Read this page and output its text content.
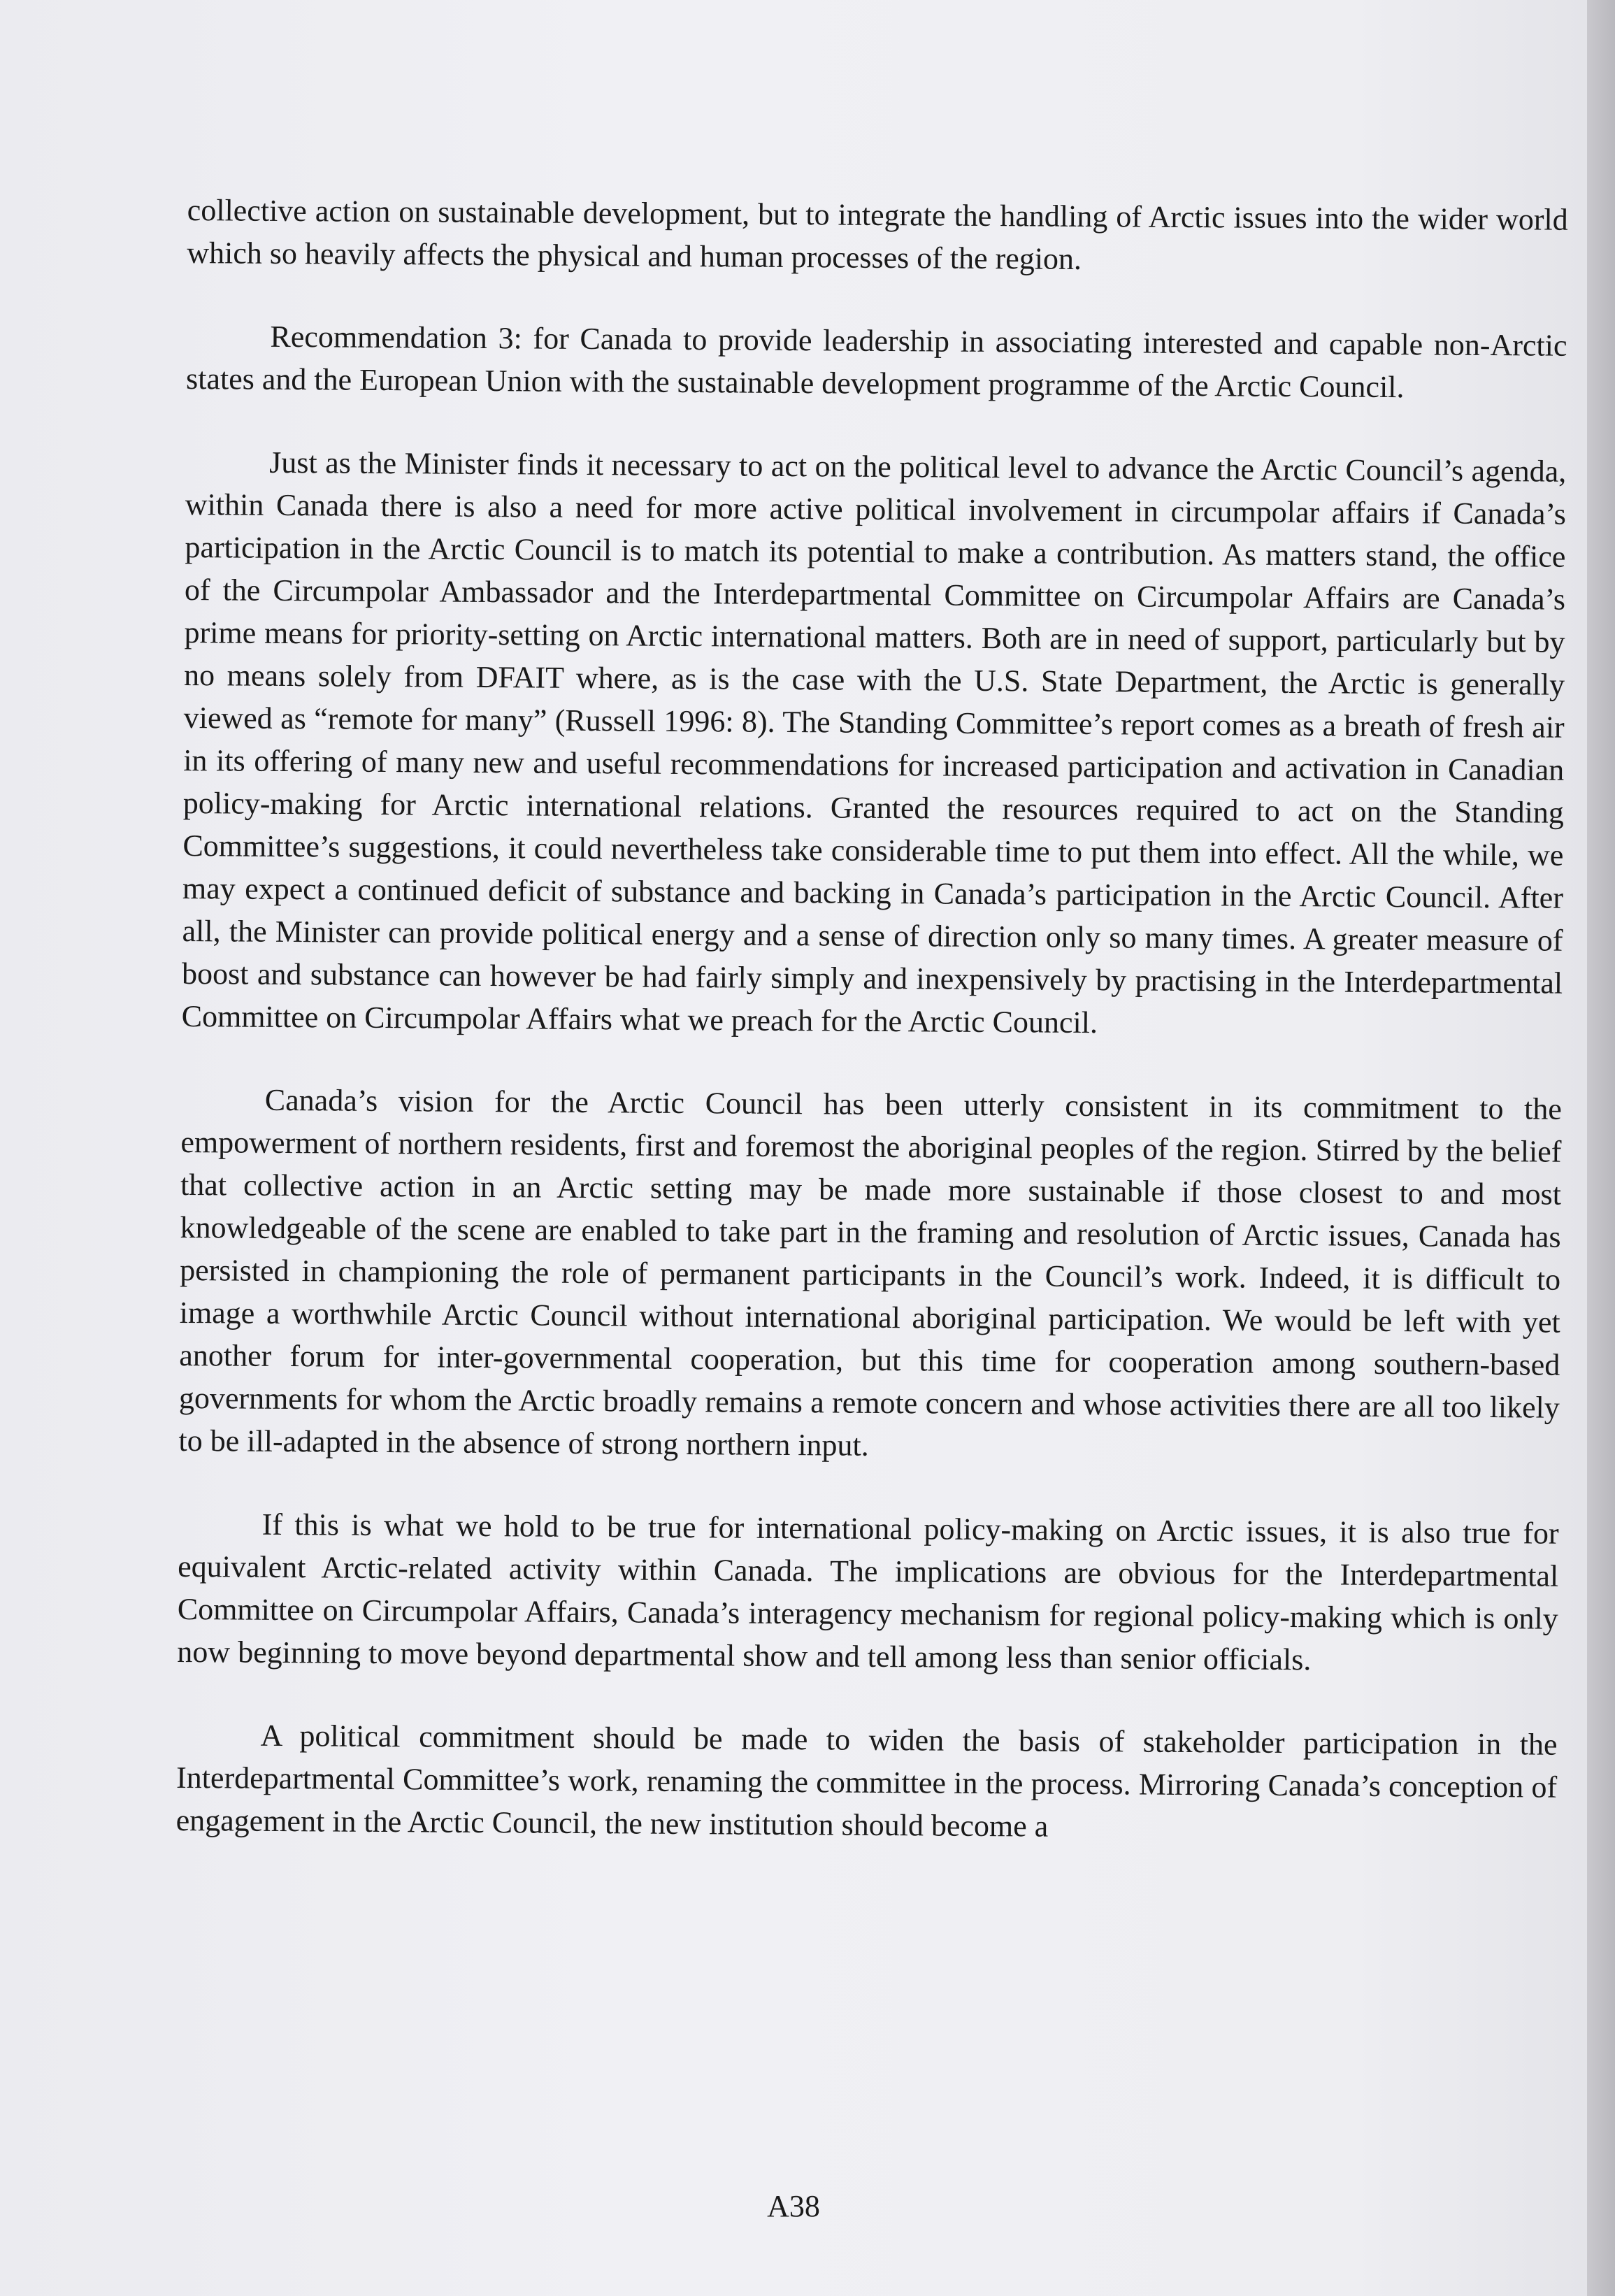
collective action on sustainable development, but to integrate the handling of Arctic issues into the wider world which so heavily affects the physical and human processes of the region.

Recommendation 3: for Canada to provide leadership in associating interested and capable non-Arctic states and the European Union with the sustainable development programme of the Arctic Council.

Just as the Minister finds it necessary to act on the political level to advance the Arctic Council’s agenda, within Canada there is also a need for more active political involvement in circumpolar affairs if Canada’s participation in the Arctic Council is to match its potential to make a contribution. As matters stand, the office of the Circumpolar Ambassador and the Interdepartmental Committee on Circumpolar Affairs are Canada’s prime means for priority-setting on Arctic international matters. Both are in need of support, particularly but by no means solely from DFAIT where, as is the case with the U.S. State Department, the Arctic is generally viewed as “remote for many” (Russell 1996: 8). The Standing Committee’s report comes as a breath of fresh air in its offering of many new and useful recommendations for increased participation and activation in Canadian policy-making for Arctic international relations. Granted the resources required to act on the Standing Committee’s suggestions, it could nevertheless take considerable time to put them into effect. All the while, we may expect a continued deficit of substance and backing in Canada’s participation in the Arctic Council. After all, the Minister can provide political energy and a sense of direction only so many times. A greater measure of boost and substance can however be had fairly simply and inexpensively by practising in the Interdepartmental Committee on Circumpolar Affairs what we preach for the Arctic Council.

Canada’s vision for the Arctic Council has been utterly consistent in its commitment to the empowerment of northern residents, first and foremost the aboriginal peoples of the region. Stirred by the belief that collective action in an Arctic setting may be made more sustainable if those closest to and most knowledgeable of the scene are enabled to take part in the framing and resolution of Arctic issues, Canada has persisted in championing the role of permanent participants in the Council’s work. Indeed, it is difficult to image a worthwhile Arctic Council without international aboriginal participation. We would be left with yet another forum for inter-governmental cooperation, but this time for cooperation among southern-based governments for whom the Arctic broadly remains a remote concern and whose activities there are all too likely to be ill-adapted in the absence of strong northern input.

If this is what we hold to be true for international policy-making on Arctic issues, it is also true for equivalent Arctic-related activity within Canada. The implications are obvious for the Interdepartmental Committee on Circumpolar Affairs, Canada’s interagency mechanism for regional policy-making which is only now beginning to move beyond departmental show and tell among less than senior officials.

A political commitment should be made to widen the basis of stakeholder participation in the Interdepartmental Committee’s work, renaming the committee in the process. Mirroring Canada’s conception of engagement in the Arctic Council, the new institution should become a

A38
